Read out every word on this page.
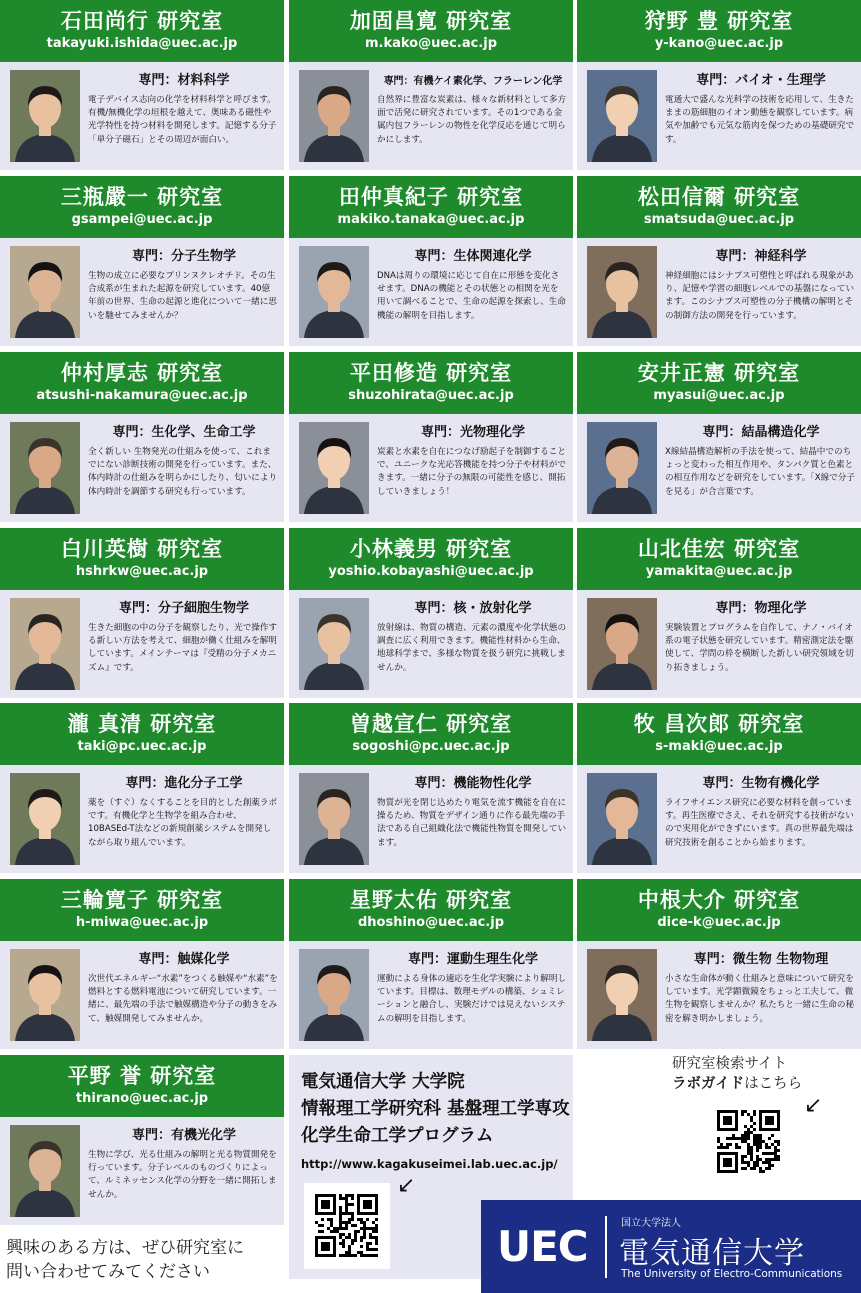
石田尚行 研究室
takayuki.ishida@uec.ac.jp
専門：材料科学
電子デバイス志向の化学を材料科学と呼びます。有機/無機化学の垣根を越えて、奥味ある磁性や光学特性を持つ材料を開発します。記憶する分子「単分子磁石」とその周辺が面白い。
加固昌寛 研究室
m.kako@uec.ac.jp
専門：有機ケイ素化学、フラーレン化学
自然界に豊富な炭素は、様々な新材料として多方面で活発に研究されています。その1つである金属内包フラーレンの物性を化学反応を通じて明らかにします。
狩野 豊 研究室
y-kano@uec.ac.jp
専門：バイオ・生理学
電通大で盛んな光科学の技術を応用して、生きたままの筋細胞のイオン動態を観察しています。病気や加齢でも元気な筋肉を保つための基礎研究です。
三瓶嚴一 研究室
gsampei@uec.ac.jp
専門：分子生物学
生物の成立に必要なプリンヌクレオチド。その生合成系が生まれた起源を研究しています。40億年前の世界、生命の起源と進化について一緒に思いを馳せてみませんか？
田仲真紀子 研究室
makiko.tanaka@uec.ac.jp
専門：生体関連化学
DNAは周りの環境に応じて自在に形態を変化させます。DNAの機能とその状態との相関を光を用いて調べることで、生命の起源を探索し、生命機能の解明を目指します。
松田信爾 研究室
smatsuda@uec.ac.jp
専門：神経科学
神経細胞にはシナプス可塑性と呼ばれる現象があり、記憶や学習の細胞レベルでの基盤になっています。このシナプス可塑性の分子機構の解明とその制御方法の開発を行っています。
仲村厚志 研究室
atsushi-nakamura@uec.ac.jp
専門：生化学、生命工学
全く新しい 生物発光の仕組みを使って、これまでにない診断技術の開発を行っています。また、体内時計の仕組みを明らかにしたり、匂いにより体内時計を調節する研究も行っています。
平田修造 研究室
shuzohirata@uec.ac.jp
専門：光物理化学
炭素と水素を自在につなげ励起子を制御することで、ユニークな光応答機能を持つ分子や材料ができます。一緒に分子の無限の可能性を感じ、開拓していきましょう！
安井正憲 研究室
myasui@uec.ac.jp
専門：結晶構造化学
X線結晶構造解析の手法を使って、結晶中でのちょっと変わった相互作用や、タンパク質と色素との相互作用などを研究をしています。「X線で分子を見る」が合言葉です。
白川英樹 研究室
hshrkw@uec.ac.jp
専門：分子細胞生物学
生きた細胞の中の分子を観察したり、光で操作する新しい方法を考えて、細胞が働く仕組みを解明しています。メインテーマは『受精の分子メカニズム』です。
小林義男 研究室
yoshio.kobayashi@uec.ac.jp
専門：核・放射化学
放射線は、物質の構造、元素の濃度や化学状態の調査に広く利用できます。機能性材料から生命、地球科学まで、多様な物質を扱う研究に挑戦しませんか。
山北佳宏 研究室
yamakita@uec.ac.jp
専門：物理化学
実験装置とプログラムを自作して、ナノ・バイオ系の電子状態を研究しています。精密測定法を駆使して、学問の枠を横断した新しい研究領域を切り拓きましょう。
瀧 真清 研究室
taki@pc.uec.ac.jp
専門：進化分子工学
薬を（すぐ）なくすることを目的とした創薬ラボです。有機化学と生物学を組み合わせ、10BASEd-T法などの新規創薬システムを開発しながら取り組んでいます。
曽越宣仁 研究室
sogoshi@pc.uec.ac.jp
専門：機能物性化学
物質が光を閉じ込めたり電気を流す機能を自在に操るため、物質をデザイン通りに作る最先端の手法である自己組織化法で機能性物質を開発しています。
牧 昌次郎 研究室
s-maki@uec.ac.jp
専門：生物有機化学
ライフサイエンス研究に必要な材料を創っています。再生医療でさえ、それを研究する技術がないので実用化ができずにいます。真の世界最先端は研究技術を創ることから始まります。
三輪寛子 研究室
h-miwa@uec.ac.jp
専門：触媒化学
次世代エネルギー“水素”をつくる触媒や“水素”を燃料とする燃料電池について研究しています。一緒に、最先端の手法で触媒構造や分子の動きをみて、触媒開発してみませんか。
星野太佑 研究室
dhoshino@uec.ac.jp
専門：運動生理生化学
運動による身体の適応を生化学実験により解明しています。目標は、数理モデルの構築、シュミレーションと融合し、実験だけでは見えないシステムの解明を目指します。
中根大介 研究室
dice-k@uec.ac.jp
専門：微生物 生物物理
小さな生命体が動く仕組みと意味について研究をしています。光学顕微鏡をちょっと工夫して、微生物を観察しませんか？私たちと一緒に生命の秘密を解き明かしましょう。
平野 誉 研究室
thirano@uec.ac.jp
専門：有機光化学
生物に学び、光る仕組みの解明と光る物質開発を行っています。分子レベルのものづくりによって、ルミネッセンス化学の分野を一緒に開拓しませんか。
興味のある方は、ぜひ研究室に
問い合わせてみてください
電気通信大学 大学院
情報理工学研究科 基盤理工学専攻
化学生命工学プログラム
http://www.kagakuseimei.lab.uec.ac.jp/
↙
研究室検索サイト
ラボガイドはこちら
↙
UEC	国立大学法人
電気通信大学
The University of Electro-Communications
